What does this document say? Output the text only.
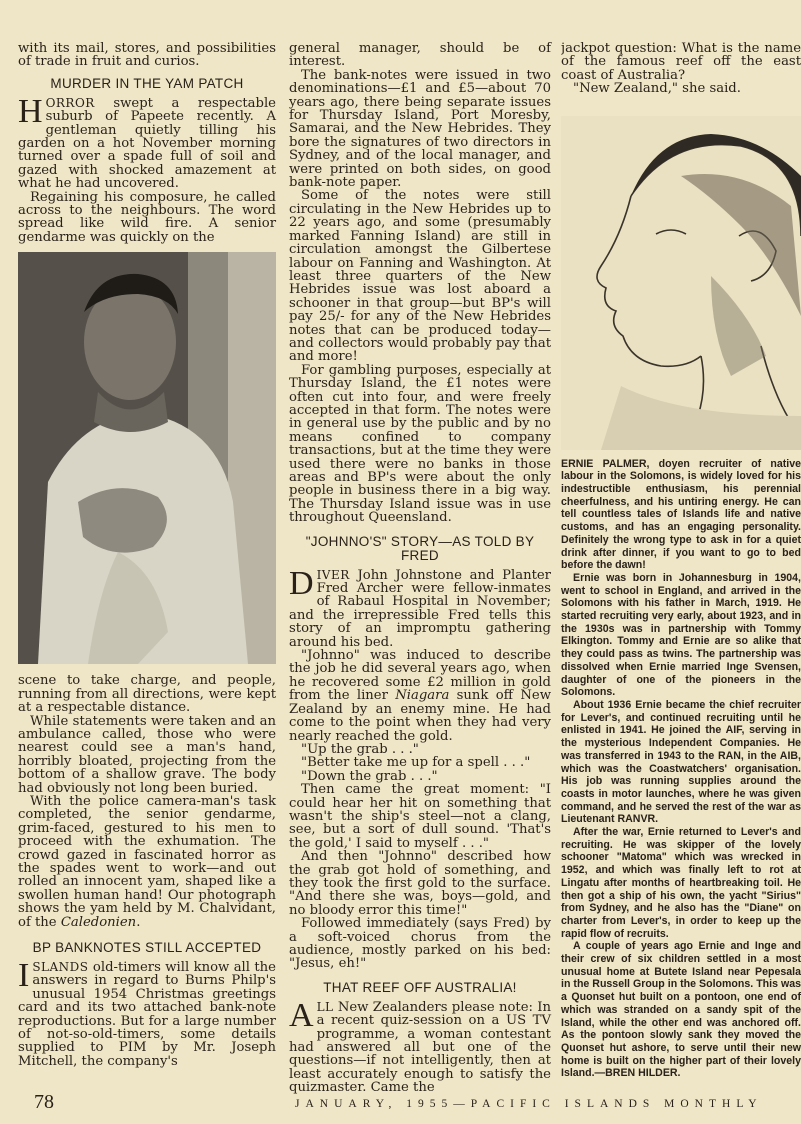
with its mail, stores, and possibilities of trade in fruit and curios.

MURDER IN THE YAM PATCH

HORROR swept a respectable suburb of Papeete recently. A gentleman quietly tilling his garden on a hot November morning turned over a spade full of soil and gazed with shocked amazement at what he had uncovered.

Regaining his composure, he called across to the neighbours. The word spread like wild fire. A senior gendarme was quickly on the

scene to take charge, and people, running from all directions, were kept at a respectable distance.

While statements were taken and an ambulance called, those who were nearest could see a man's hand, horribly bloated, projecting from the bottom of a shallow grave. The body had obviously not long been buried.

With the police camera-man's task completed, the senior gendarme, grim-faced, gestured to his men to proceed with the exhumation. The crowd gazed in fascinated horror as the spades went to work—and out rolled an innocent yam, shaped like a swollen human hand! Our photograph shows the yam held by M. Chalvidant, of the Caledonien.

BP BANKNOTES STILL ACCEPTED

ISLANDS old-timers will know all the answers in regard to Burns Philp's unusual 1954 Christmas greetings card and its two attached bank-note reproductions. But for a large number of not-so-old-timers, some details supplied to PIM by Mr. Joseph Mitchell, the company's

general manager, should be of interest.

The bank-notes were issued in two denominations—£1 and £5—about 70 years ago, there being separate issues for Thursday Island, Port Moresby, Samarai, and the New Hebrides. They bore the signatures of two directors in Sydney, and of the local manager, and were printed on both sides, on good bank-note paper.

Some of the notes were still circulating in the New Hebrides up to 22 years ago, and some (presumably marked Fanning Island) are still in circulation amongst the Gilbertese labour on Fanning and Washington. At least three quarters of the New Hebrides issue was lost aboard a schooner in that group—but BP's will pay 25/- for any of the New Hebrides notes that can be produced today—and collectors would probably pay that and more!

For gambling purposes, especially at Thursday Island, the £1 notes were often cut into four, and were freely accepted in that form. The notes were in general use by the public and by no means confined to company transactions, but at the time they were used there were no banks in those areas and BP's were about the only people in business there in a big way. The Thursday Island issue was in use throughout Queensland.

"JOHNNO'S" STORY—AS TOLD BY FRED

DIVER John Johnstone and Planter Fred Archer were fellow-inmates of Rabaul Hospital in November; and the irrepressible Fred tells this story of an impromptu gathering around his bed.

"Johnno" was induced to describe the job he did several years ago, when he recovered some £2 million in gold from the liner Niagara sunk off New Zealand by an enemy mine. He had come to the point when they had very nearly reached the gold.

"Up the grab . . ."

"Better take me up for a spell . . ."

"Down the grab . . ."

Then came the great moment: "I could hear her hit on something that wasn't the ship's steel—not a clang, see, but a sort of dull sound. 'That's the gold,' I said to myself . . ."

And then "Johnno" described how the grab got hold of something, and they took the first gold to the surface. "And there she was, boys—gold, and no bloody error this time!"

Followed immediately (says Fred) by a soft-voiced chorus from the audience, mostly parked on his bed: "Jesus, eh!"

THAT REEF OFF AUSTRALIA!

ALL New Zealanders please note: In a recent quiz-session on a US TV programme, a woman contestant had answered all but one of the questions—if not intelligently, then at least accurately enough to satisfy the quizmaster. Came the

jackpot question: What is the name of the famous reef off the east coast of Australia?

"New Zealand," she said.

ERNIE PALMER, doyen recruiter of native labour in the Solomons, is widely loved for his indestructible enthusiasm, his perennial cheerfulness, and his untiring energy. He can tell countless tales of Islands life and native customs, and has an engaging personality. Definitely the wrong type to ask in for a quiet drink after dinner, if you want to go to bed before the dawn!

Ernie was born in Johannesburg in 1904, went to school in England, and arrived in the Solomons with his father in March, 1919. He started recruiting very early, about 1923, and in the 1930s was in partnership with Tommy Elkington. Tommy and Ernie are so alike that they could pass as twins. The partnership was dissolved when Ernie married Inge Svensen, daughter of one of the pioneers in the Solomons.

About 1936 Ernie became the chief recruiter for Lever's, and continued recruiting until he enlisted in 1941. He joined the AIF, serving in the mysterious Independent Companies. He was transferred in 1943 to the RAN, in the AIB, which was the Coastwatchers' organisation. His job was running supplies around the coasts in motor launches, where he was given command, and he served the rest of the war as Lieutenant RANVR.

After the war, Ernie returned to Lever's and recruiting. He was skipper of the lovely schooner "Matoma" which was wrecked in 1952, and which was finally left to rot at Lingatu after months of heartbreaking toil. He then got a ship of his own, the yacht "Sirius" from Sydney, and he also has the "Diane" on charter from Lever's, in order to keep up the rapid flow of recruits.

A couple of years ago Ernie and Inge and their crew of six children settled in a most unusual home at Butete Island near Pepesala in the Russell Group in the Solomons. This was a Quonset hut built on a pontoon, one end of which was stranded on a sandy spit of the Island, while the other end was anchored off. As the pontoon slowly sank they moved the Quonset hut ashore, to serve until their new home is built on the higher part of their lovely Island.—BREN HILDER.

78	JANUARY, 1955—PACIFIC ISLANDS MONTHLY
